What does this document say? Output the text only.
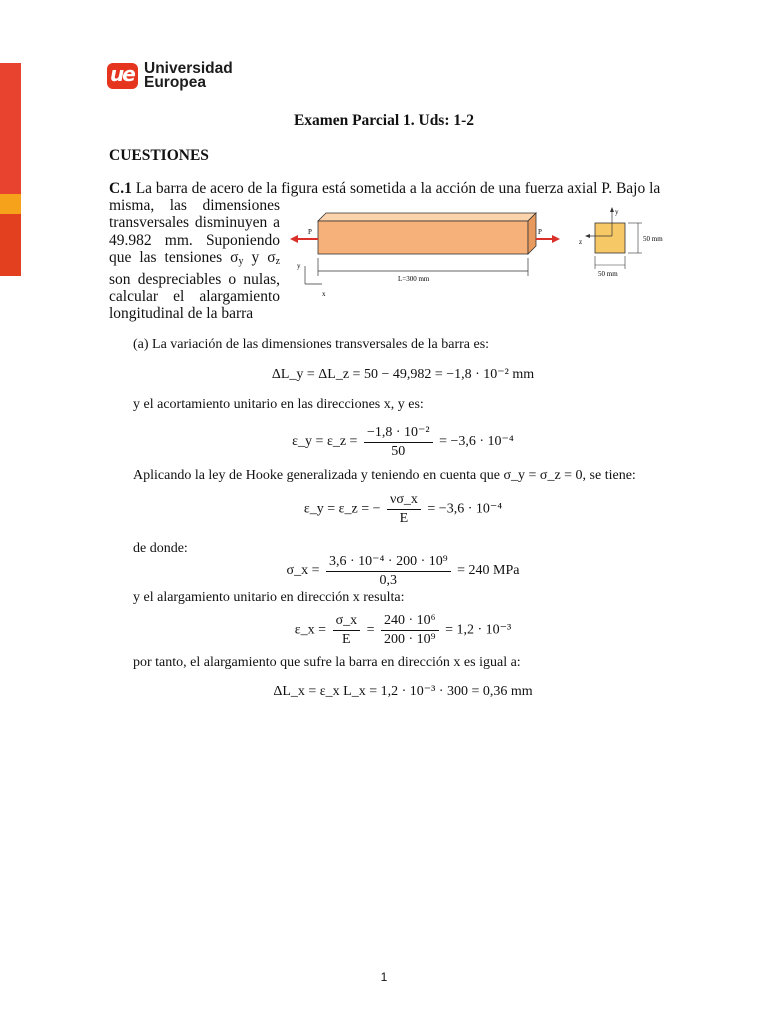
ue Universidad
Europea
Examen Parcial 1. Uds: 1-2
CUESTIONES
C.1 La barra de acero de la figura está sometida a la acción de una fuerza axial P. Bajo la
misma, las dimensiones
transversales disminuyen a
49.982 mm. Suponiendo
que las tensiones $\sigma_y$ y $\sigma_z$
son despreciables o nulas,
calcular el alargamiento
longitudinal de la barra
P	P
L=300 mm
y
x
y
z	50 mm
50 mm

(a) La variación de las dimensiones transversales de la barra es:

ΔL_y = ΔL_z = 50 − 49,982 = −1,8 · 10⁻² mm

y el acortamiento unitario en las direcciones x, y es:

ε_y = ε_z = $\frac{\text{−1,8 · 10⁻²}}{50} = -3,6 \cdot 10^{-4}$

Aplicando la ley de Hooke generalizada y teniendo en cuenta que σ_y = σ_z = 0, se tiene:

ε_y = ε_z = − $\frac{\nu\sigma\_x}{E} = -3,6 \cdot 10^{-4}$

de donde:

σ_x = $\frac{\text{3,6 · 10⁻⁴ · 200 · 10⁹}}{0,3} = 240$ MPa

y el alargamiento unitario en dirección x resulta:

ε_x = $\frac{\sigma\_x}{E} = \frac{\text{240 · 10⁶}}{\text{200 · 10⁹}} = 1,2 \cdot 10^{-3}$

por tanto, el alargamiento que sufre la barra en dirección x es igual a:

ΔL_x = ε_x L_x = 1,2 · 10⁻³ · 300 = 0,36 mm
1
